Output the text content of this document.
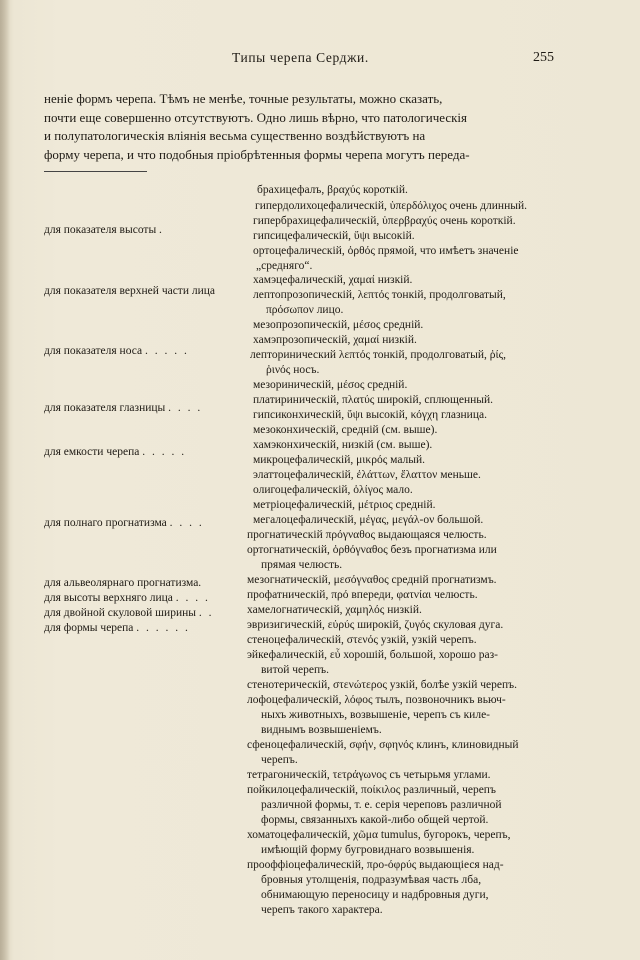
Типы черепа Серджи.	255
неніе формъ черепа. Тѣмъ не менѣе, точные результаты, можно сказать,
почти еще совершенно отсутствуютъ. Одно лишь вѣрно, что патологическія
и полупатологическія вліянія весьма существенно воздѣйствуютъ на
форму черепа, и что подобныя пріобрѣтенныя формы черепа могутъ переда-
для показателя высоты .
для показателя верхней части лица
для показателя носа . . . . .
для показателя глазницы . . . .
для емкости черепа . . . . .
для полнаго прогнатизма . . . .
для альвеолярнаго прогнатизма.
для высоты верхняго лица . . . .
для двойной скуловой ширины . .
для формы черепа . . . . . .
брахицефалъ, βραχύς короткій.
гипердолихоцефаличеcкій, ὑπερδόλιχος очень длинный.
гипербрахицефаличеcкій, ὑπερβραχύς очень короткій.
гипсицефаличеcкій, ὕψι высокій.
ортоцефаличеcкій, ὀρθός прямой, что имѣетъ значеніе
„средняго“.
хамэцефаличеcкій, χαμαί низкій.
лептопрозопическій, λεπτός тонкій, продолговатый,
πρόσωπον лицо.
мезопрозопическій, μέσος средній.
хамэпрозопическій, χαμαί низкій.
лепторинический λεπτός тонкій, продолговатый, ῥίς,
ῥινός носъ.
мезориническій, μέσος средній.
платириническій, πλατύς широкій, сплющенный.
гипсиконхическій, ὕψι высокій, κόγχη глазница.
мезоконхическій, средній (см. выше).
хамэконхическій, низкій (см. выше).
микроцефаличеcкій, μικρός малый.
элаттоцефаличеcкій, ἐλάττων, ἔλαττον меньше.
олигоцефаличеcкій, ὀλίγος мало.
метріоцефаличеcкій, μέτριος средній.
мегалоцефаличеcкій, μέγας, μεγάλ-ον большой.
прогнатическій πρόγναθος выдающаяся челюсть.
ортогнатическій, ὀρθόγναθος безъ прогнатизма или
прямая челюсть.
мезогнатическій, μεσόγναθος средній прогнатизмъ.
профатническій, πρό впереди, φατνίαι челюсть.
хамелогнатическій, χαμηλός низкій.
эвризигическій, εὐρύς широкій, ζυγός скуловая дуга.
стеноцефаличеcкій, στενός узкій, узкій черепъ.
эйкефаличеcкій, εὖ хорошій, большой, хорошо раз-
витой черепъ.
стенотерическій, στενώτερος узкій, болѣе узкій черепъ.
лофоцефаличеcкій, λόφος тылъ, позвоночникъ вьюч-
ныхъ животныхъ, возвышеніе, черепъ съ киле-
виднымъ возвышеніемъ.
сфеноцефаличеcкій, σφήν, σφηνός клинъ, клиновидный
черепъ.
тетрагоническій, τετράγωνος съ четырьмя углами.
пойкилоцефаличеcкій, ποίκιλος различный, черепъ
различной формы, т. е. серія череповъ различной
формы, связанныхъ какой-либо общей чертой.
хоматоцефаличеcкій, χῶμα tumulus, бугорокъ, черепъ,
имѣющій форму бугровиднаго возвышенія.
прооффіоцефаличеcкій, προ-όφρύς выдающіеся над-
бровныя утолщенія, подразумѣвая часть лба,
обнимающую переносицу и надбровныя дуги,
черепъ такого характера.
